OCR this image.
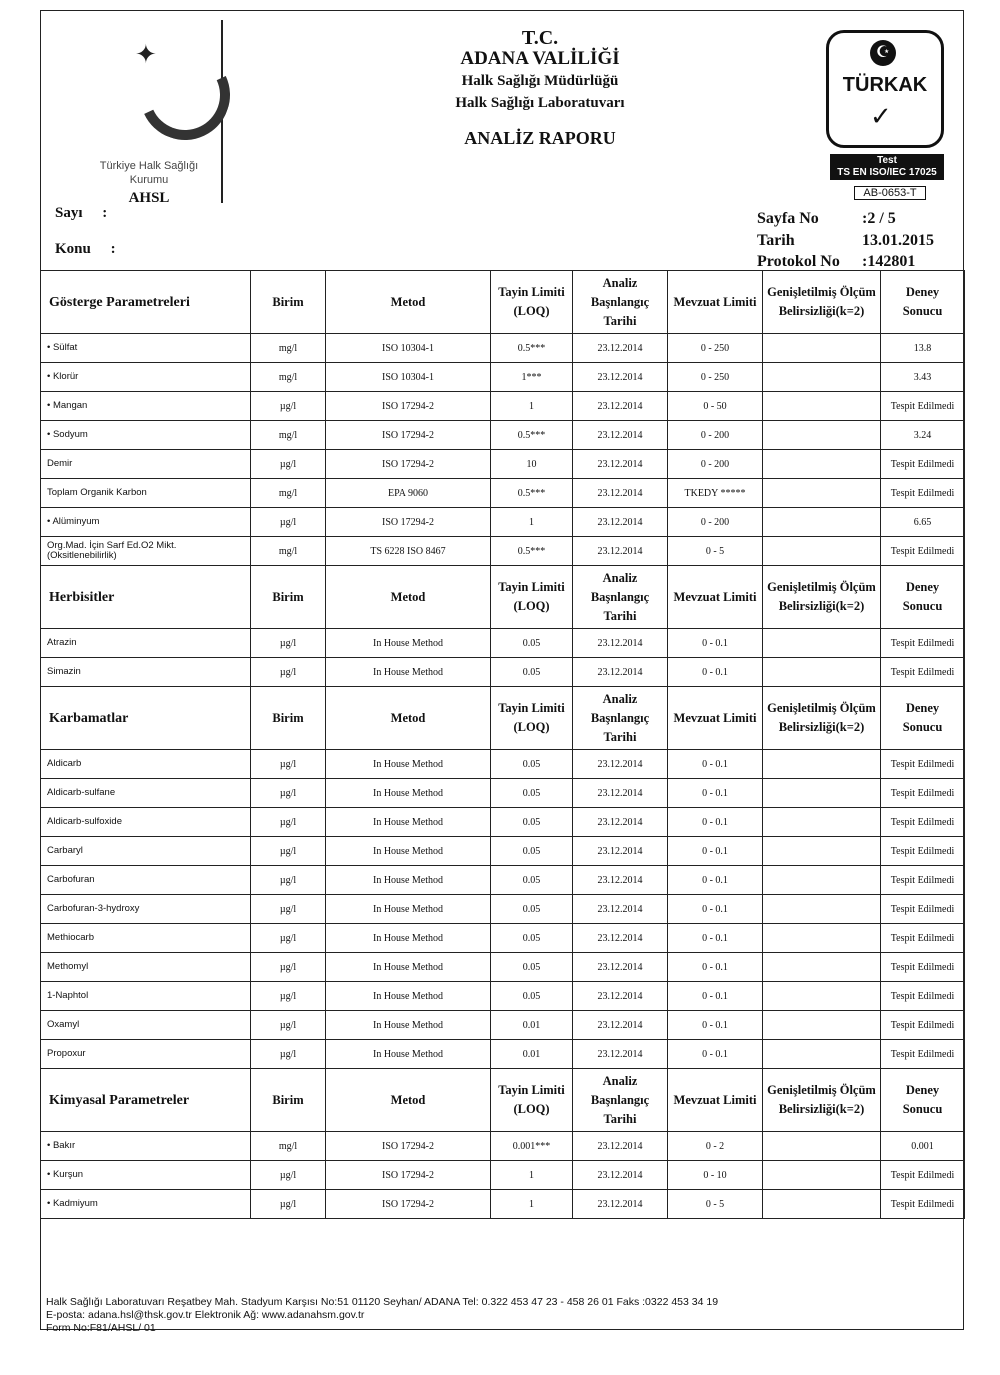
✦
Türkiye Halk Sağlığı
Kurumu
AHSL
T.C.
ADANA VALİLİĞİ
Halk Sağlığı Müdürlüğü
Halk Sağlığı Laboratuvarı
ANALİZ RAPORU
☪
TÜRKAK
✓
Test
TS EN ISO/IEC 17025
AB-0653-T
Sayı :
Konu :
Sayfa No	:2 / 5
Tarih	13.01.2015
Protokol No :142801
Gösterge Parametreleri	Birim	Metod	Tayin Limiti (LOQ)	Analiz Başnlangıç Tarihi	Mevzuat Limiti	Genişletilmiş Ölçüm Belirsizliği(k=2)	Deney Sonucu
• Sülfat	mg/l	ISO 10304-1	0.5***	23.12.2014	0 - 250		13.8
• Klorür	mg/l	ISO 10304-1	1***	23.12.2014	0 - 250		3.43
• Mangan	µg/l	ISO 17294-2	1	23.12.2014	0 - 50		Tespit Edilmedi
• Sodyum	mg/l	ISO 17294-2	0.5***	23.12.2014	0 - 200		3.24
Demir	µg/l	ISO 17294-2	10	23.12.2014	0 - 200		Tespit Edilmedi
Toplam Organik Karbon	mg/l	EPA 9060	0.5***	23.12.2014	TKEDY *****		Tespit Edilmedi
• Alüminyum	µg/l	ISO 17294-2	1	23.12.2014	0 - 200		6.65
Org.Mad. İçin Sarf Ed.O2 Mikt.(Oksitlenebilirlik)	mg/l	TS 6228 ISO 8467	0.5***	23.12.2014	0 - 5		Tespit Edilmedi
Herbisitler	Birim	Metod	Tayin Limiti (LOQ)	Analiz Başnlangıç Tarihi	Mevzuat Limiti	Genişletilmiş Ölçüm Belirsizliği(k=2)	Deney Sonucu
Atrazin	µg/l	In House Method	0.05	23.12.2014	0 - 0.1		Tespit Edilmedi
Simazin	µg/l	In House Method	0.05	23.12.2014	0 - 0.1		Tespit Edilmedi
Karbamatlar	Birim	Metod	Tayin Limiti (LOQ)	Analiz Başnlangıç Tarihi	Mevzuat Limiti	Genişletilmiş Ölçüm Belirsizliği(k=2)	Deney Sonucu
Aldicarb	µg/l	In House Method	0.05	23.12.2014	0 - 0.1		Tespit Edilmedi
Aldicarb-sulfane	µg/l	In House Method	0.05	23.12.2014	0 - 0.1		Tespit Edilmedi
Aldicarb-sulfoxide	µg/l	In House Method	0.05	23.12.2014	0 - 0.1		Tespit Edilmedi
Carbaryl	µg/l	In House Method	0.05	23.12.2014	0 - 0.1		Tespit Edilmedi
Carbofuran	µg/l	In House Method	0.05	23.12.2014	0 - 0.1		Tespit Edilmedi
Carbofuran-3-hydroxy	µg/l	In House Method	0.05	23.12.2014	0 - 0.1		Tespit Edilmedi
Methiocarb	µg/l	In House Method	0.05	23.12.2014	0 - 0.1		Tespit Edilmedi
Methomyl	µg/l	In House Method	0.05	23.12.2014	0 - 0.1		Tespit Edilmedi
1-Naphtol	µg/l	In House Method	0.05	23.12.2014	0 - 0.1		Tespit Edilmedi
Oxamyl	µg/l	In House Method	0.01	23.12.2014	0 - 0.1		Tespit Edilmedi
Propoxur	µg/l	In House Method	0.01	23.12.2014	0 - 0.1		Tespit Edilmedi
Kimyasal Parametreler	Birim	Metod	Tayin Limiti (LOQ)	Analiz Başnlangıç Tarihi	Mevzuat Limiti	Genişletilmiş Ölçüm Belirsizliği(k=2)	Deney Sonucu
• Bakır	mg/l	ISO 17294-2	0.001***	23.12.2014	0 - 2		0.001
• Kurşun	µg/l	ISO 17294-2	1	23.12.2014	0 - 10		Tespit Edilmedi
• Kadmiyum	µg/l	ISO 17294-2	1	23.12.2014	0 - 5		Tespit Edilmedi
Halk Sağlığı Laboratuvarı Reşatbey Mah. Stadyum Karşısı No:51 01120 Seyhan/ ADANA Tel: 0.322 453 47 23 - 458 26 01 Faks :0322 453 34 19
E-posta: adana.hsl@thsk.gov.tr Elektronik Ağ: www.adanahsm.gov.tr
Form No:F81/AHSL/ 01
